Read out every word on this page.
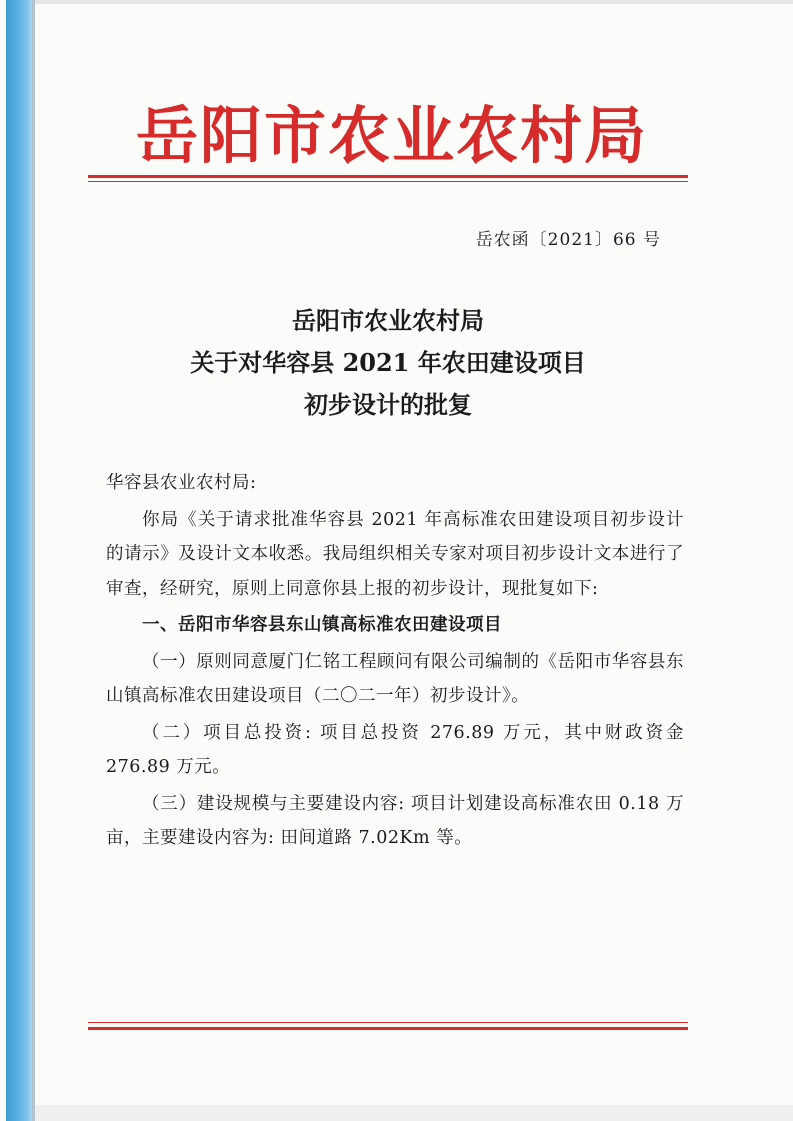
岳阳市农业农村局
岳农函〔2021〕66 号
岳阳市农业农村局
关于对华容县 2021 年农田建设项目
初步设计的批复

华容县农业农村局:

你局《关于请求批准华容县 2021 年高标准农田建设项目初步设计的请示》及设计文本收悉。我局组织相关专家对项目初步设计文本进行了审查，经研究，原则上同意你县上报的初步设计，现批复如下:

一、岳阳市华容县东山镇高标准农田建设项目

（一）原则同意厦门仁铭工程顾问有限公司编制的《岳阳市华容县东山镇高标准农田建设项目（二〇二一年）初步设计》。

（二）项目总投资: 项目总投资 276.89 万元，其中财政资金 276.89 万元。

（三）建设规模与主要建设内容: 项目计划建设高标准农田 0.18 万亩，主要建设内容为: 田间道路 7.02Km 等。
